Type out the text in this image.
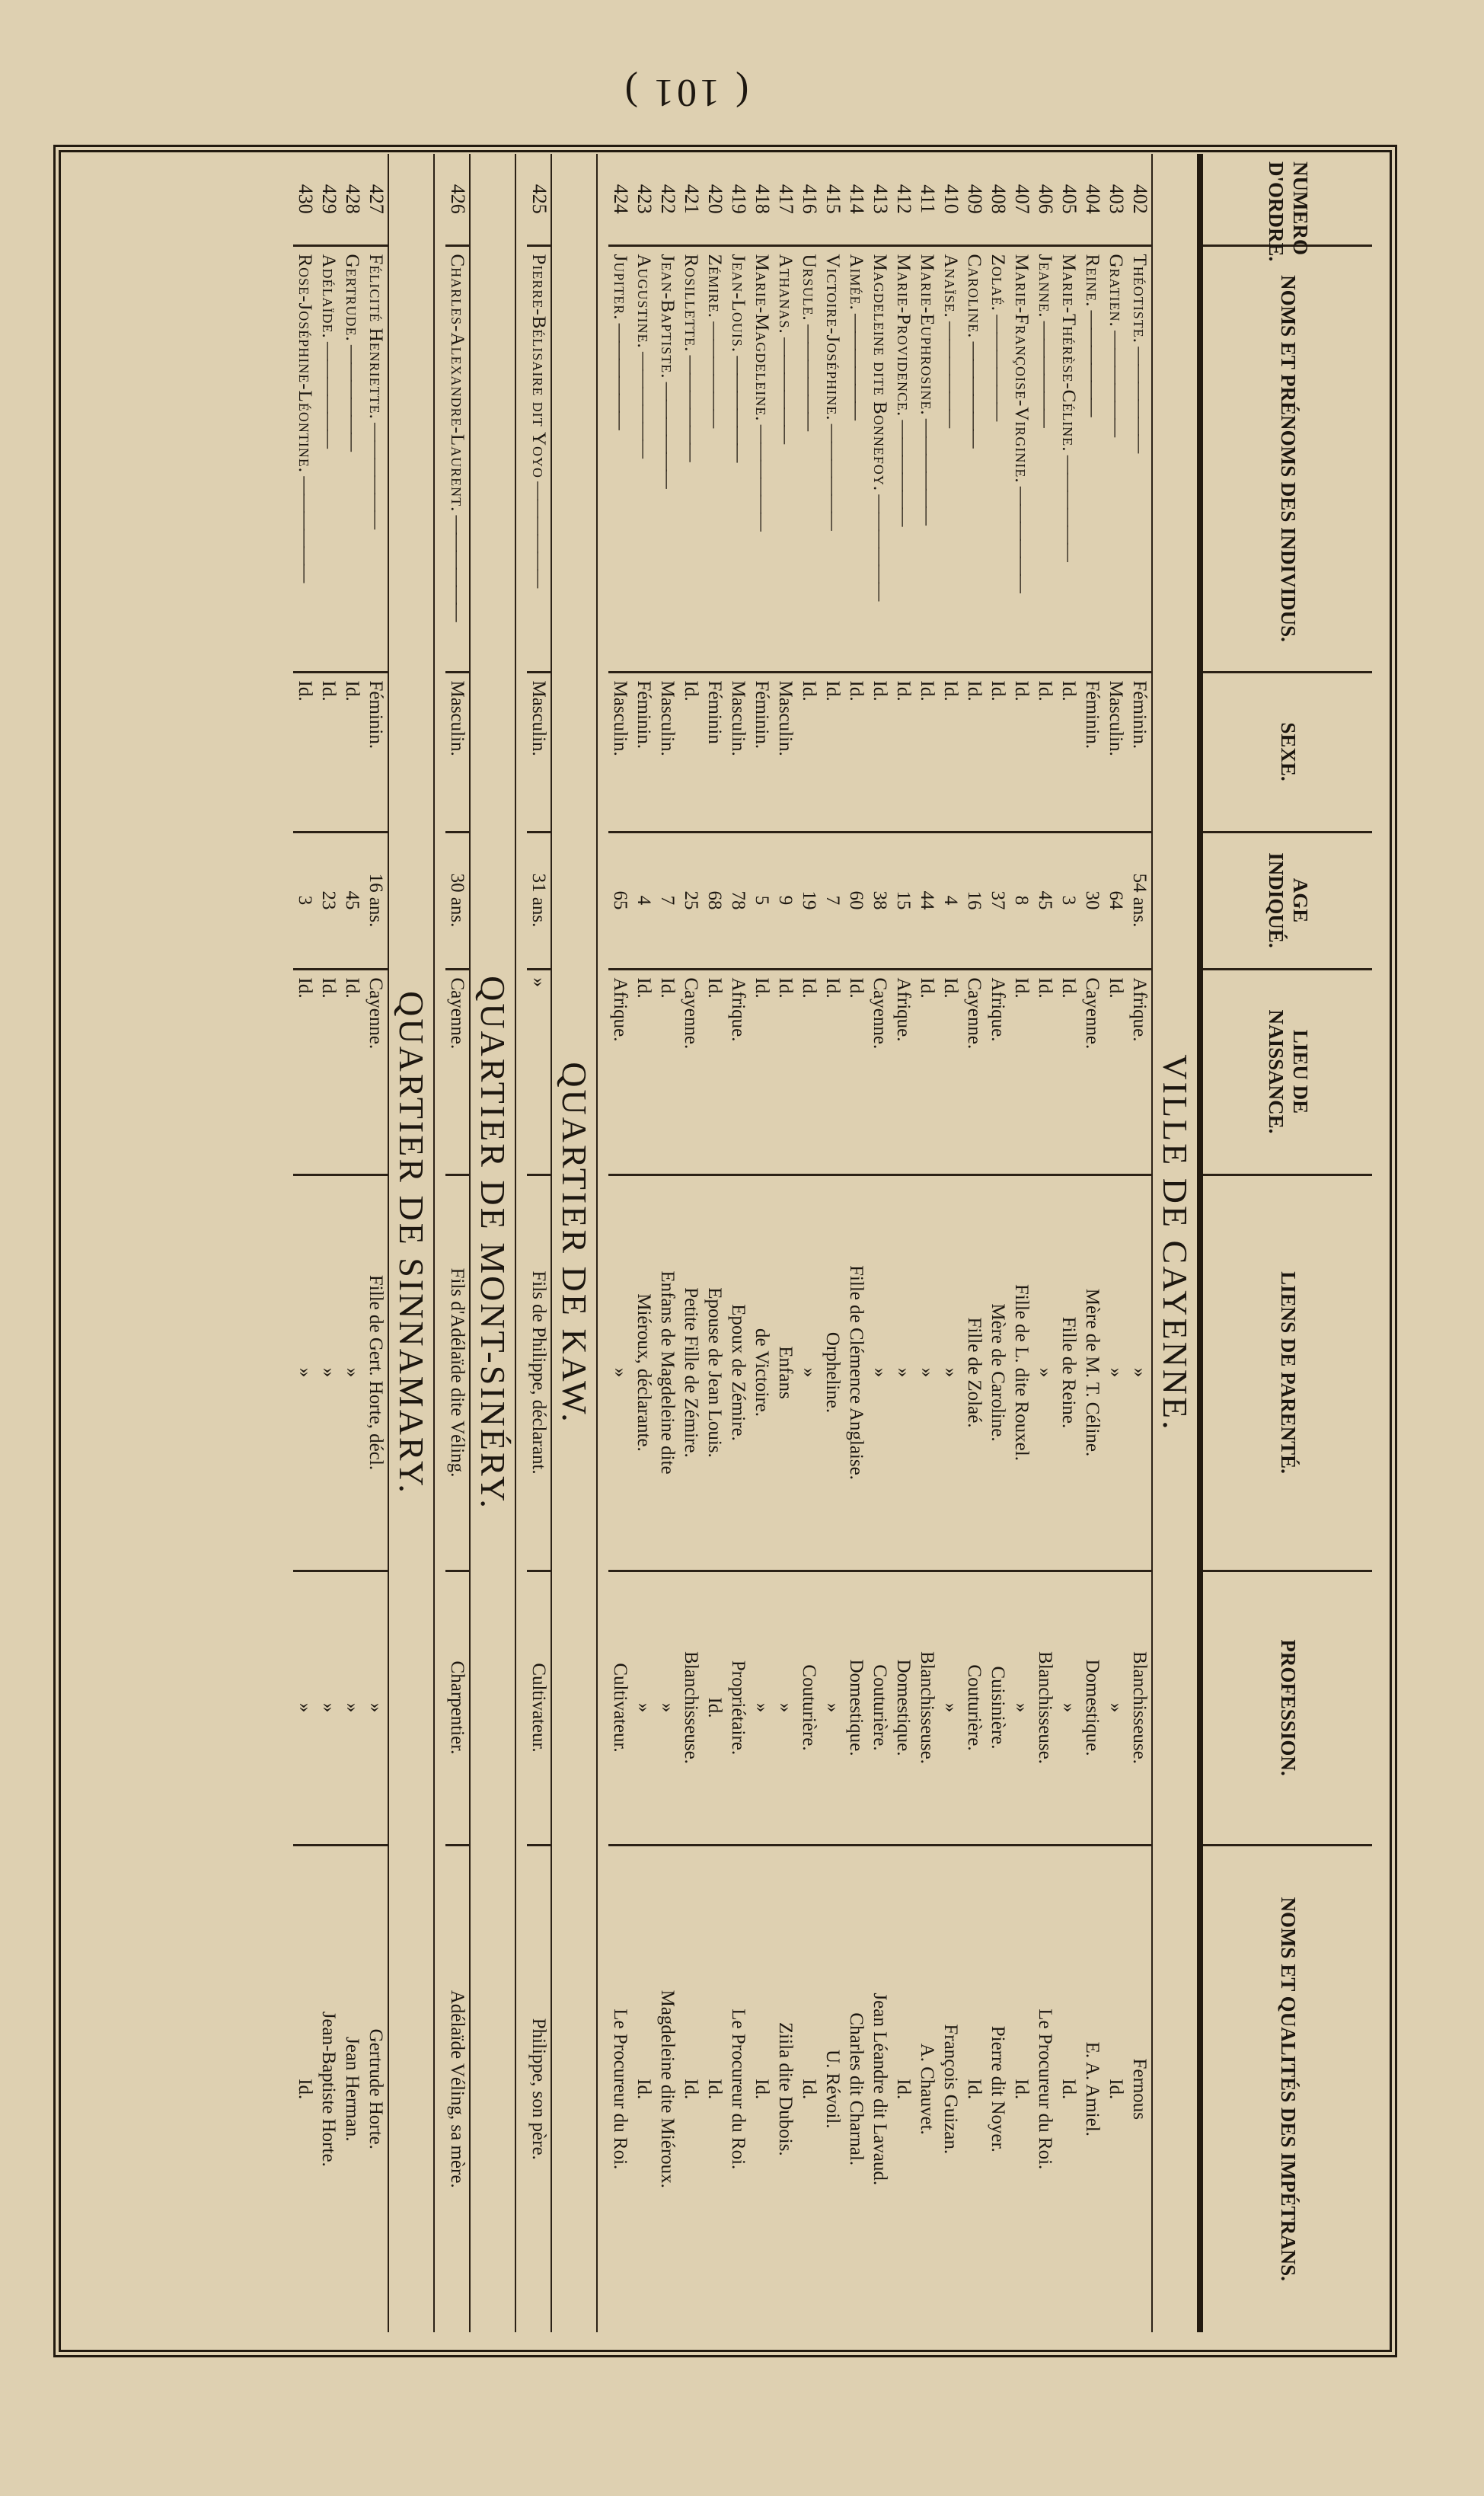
( 101 )
NUMERO D'ORDRE.	NOMS ET PRÉNOMS DES INDIVIDUS.	SEXE.	AGE INDIQUÉ.	LIEU DE NAISSANCE.	LIENS DE PARENTÉ.	PROFESSION.	NOMS ET QUALITÉS DES IMPÉTRANS.
VILLE DE CAYENNE.							
402	Théotiste. ——————	Féminin.	54 ans.	Afrique.	»	Blanchisseuse.	Fernous
403	Gratien. ——————	Masculin.	64	Id.	»	»	Id.
404	Reine. ——————	Féminin.	30	Cayenne.	Mère de M. T. Céline.	Domestique.	E. A. Amiel.
405	Marie-Thérèse-Céline. ——————	Id.	3	Id.	Fille de Reine.	»	Id.
406	Jeanne. ——————	Id.	45	Id.	»	Blanchisseuse.	Le Procureur du Roi.
407	Marie-Françoise-Virginie. ——————	Id.	8	Id.	Fille de L. dite Rouxel.	»	Id.
408	Zolaé. ——————	Id.	37	Afrique.	Mère de Caroline.	Cuisinière.	Pierre dit Noyer.
409	Caroline. ——————	Id.	16	Cayenne.	Fille de Zolaé.	Couturière.	Id.
410	Anaïse. ——————	Id.	4	Id.	»	»	François Guizan.
411	Marie-Euphrosine. ——————	Id.	44	Id.	»	Blanchisseuse.	A. Chauvet.
412	Marie-Providence. ——————	Id.	15	Afrique.	»	Domestique.	Id.
413	Magdeleine dite Bonnefoy. ——————	Id.	38	Cayenne.	»	Couturière.	Jean Léandre dit Lavaud.
414	Aimée. ——————	Id.	60	Id.	Fille de Clémence Anglaise.	Domestique.	Charles dit Charnal.
415	Victoire-Joséphine. ——————	Id.	7	Id.	Orpheline.	»	U. Révoil.
416	Ursule. ——————	Id.	19	Id.	»	Couturière.	Id.
417	Athanas. ——————	Masculin.	9	Id.	Enfans	»	Ziila dite Dubois.
418	Marie-Magdeleine. ——————	Féminin.	5	Id.	de Victoire.	»	Id.
419	Jean-Louis. ——————	Masculin.	78	Afrique.	Epoux de Zémire.	Propriétaire.	Le Procureur du Roi.
420	Zémire. ——————	Féminin	68	Id.	Epouse de Jean Louis.	Id.	Id.
421	Rosillette. ——————	Id.	25	Cayenne.	Petite Fille de Zémire.	Blanchisseuse.	Id.
422	Jean-Baptiste. ——————	Masculin.	7	Id.	Enfans de Magdeleine dite	»	Magdeleine dite Miéroux.
423	Augustine. ——————	Féminin.	4	Id.	Miéroux, déclarante.	»	Id.
424	Jupiter. ——————	Masculin.	65	Afrique.	»	Cultivateur.	Le Procureur du Roi.

QUARTIER DE KAW.							
425	Pierre-Bélisaire dit Yoyo ——————	Masculin.	31 ans.	»	Fils de Philippe, déclarant.	Cultivateur.	Philippe, son père.

QUARTIER DE MONT-SINÉRY.							
426	Charles-Alexandre-Laurent. ——————	Masculin.	30 ans.	Cayenne.	Fils d'Adélaïde dite Véling.	Charpentier.	Adélaïde Véling, sa mère.

QUARTIER DE SINNAMARY.							
427	Félicité Henriette. ——————	Féminin.	16 ans.	Cayenne.	Fille de Gert. Horte, décl.	»	Gertrude Horte.
428	Gertrude. ——————	Id.	45	Id.	»	»	Jean Herman.
429	Adélaïde. ——————	Id.	23	Id.	»	»	Jean-Baptiste Horte.
430	Rose-Joséphine-Léontine. ——————	Id.	3	Id.	»	»	Id.
